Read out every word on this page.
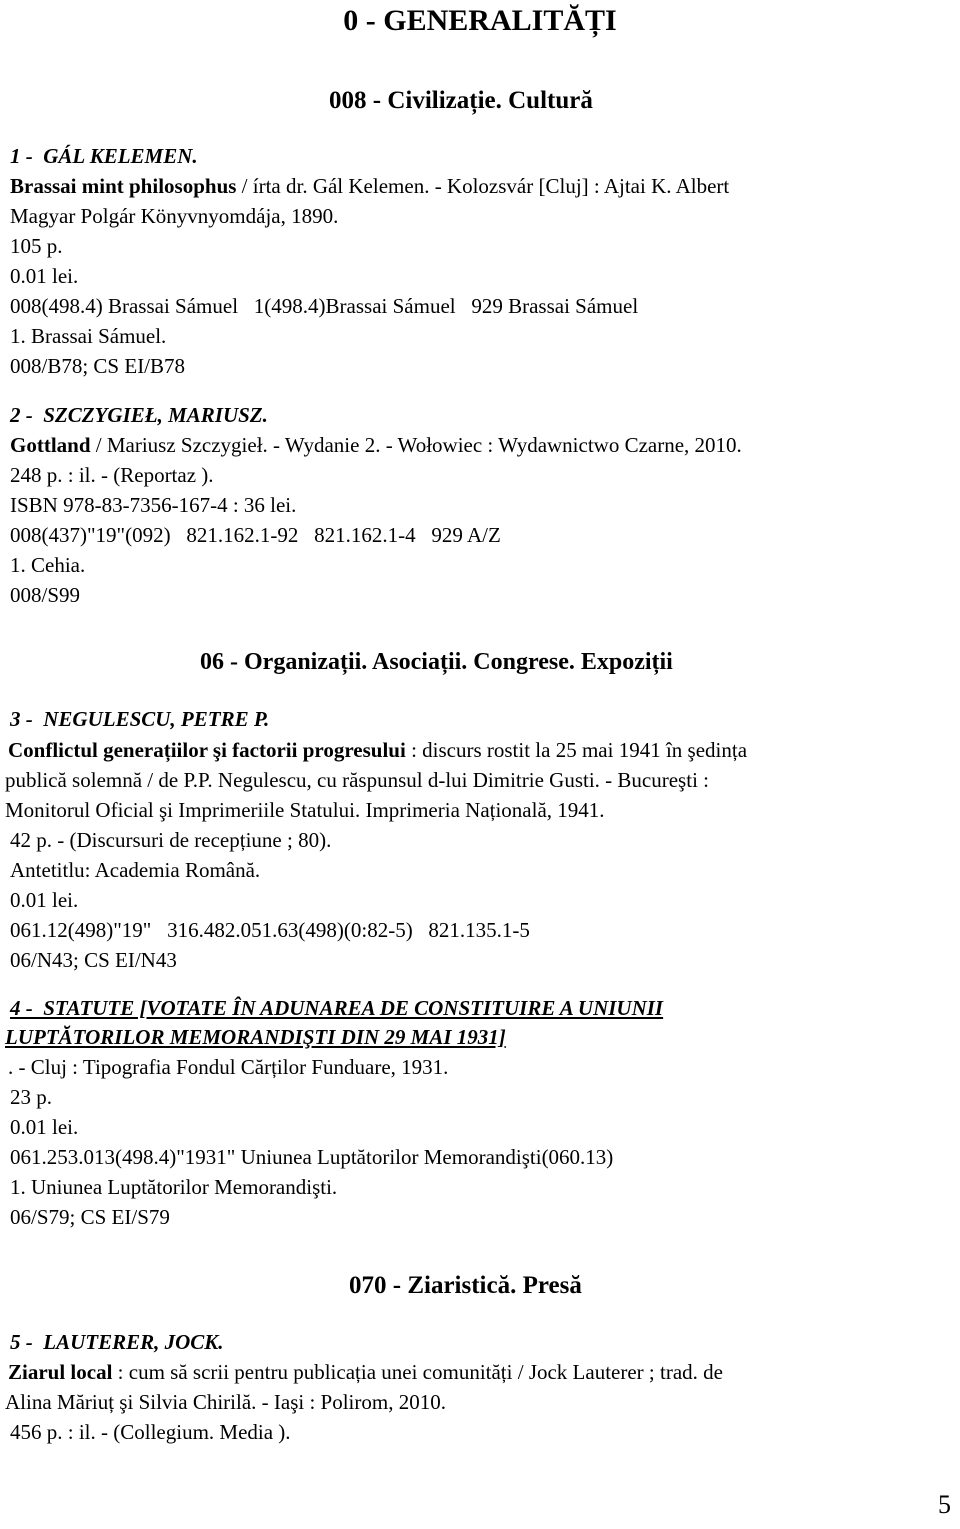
0 - GENERALITĂȚI
008 - Civilizație. Cultură
1 -  GÁL KELEMEN.
Brassai mint philosophus / írta dr. Gál Kelemen. - Kolozsvár [Cluj] : Ajtai K. Albert
Magyar Polgár Könyvnyomdája, 1890.
105 p.
0.01 lei.
008(498.4) Brassai Sámuel   1(498.4)Brassai Sámuel   929 Brassai Sámuel
1. Brassai Sámuel.
008/B78; CS EI/B78
2 -  SZCZYGIEŁ, MARIUSZ.
Gottland / Mariusz Szczygieł. - Wydanie 2. - Wołowiec : Wydawnictwo Czarne, 2010.
248 p. : il. - (Reportaz ).
ISBN 978-83-7356-167-4 : 36 lei.
008(437)"19"(092)   821.162.1-92   821.162.1-4   929 A/Z
1. Cehia.
008/S99
06 - Organizații. Asociații. Congrese. Expoziții
3 -  NEGULESCU, PETRE P.
Conflictul generațiilor şi factorii progresului : discurs rostit la 25 mai 1941 în şedința
publică solemnă / de P.P. Negulescu, cu răspunsul d-lui Dimitrie Gusti. - Bucureşti :
Monitorul Oficial şi Imprimeriile Statului. Imprimeria Națională, 1941.
42 p. - (Discursuri de recepțiune ; 80).
Antetitlu: Academia Română.
0.01 lei.
061.12(498)"19"   316.482.051.63(498)(0:82-5)   821.135.1-5
06/N43; CS EI/N43
4 -  STATUTE [VOTATE ÎN ADUNAREA DE CONSTITUIRE A UNIUNII
LUPTĂTORILOR MEMORANDIŞTI DIN 29 MAI 1931]
. - Cluj : Tipografia Fondul Cărților Funduare, 1931.
23 p.
0.01 lei.
061.253.013(498.4)"1931" Uniunea Luptătorilor Memorandişti(060.13)
1. Uniunea Luptătorilor Memorandişti.
06/S79; CS EI/S79
070 - Ziaristică. Presă
5 -  LAUTERER, JOCK.
Ziarul local : cum să scrii pentru publicația unei comunități / Jock Lauterer ; trad. de
Alina Măriuț şi Silvia Chirilă. - Iaşi : Polirom, 2010.
456 p. : il. - (Collegium. Media ).
5
